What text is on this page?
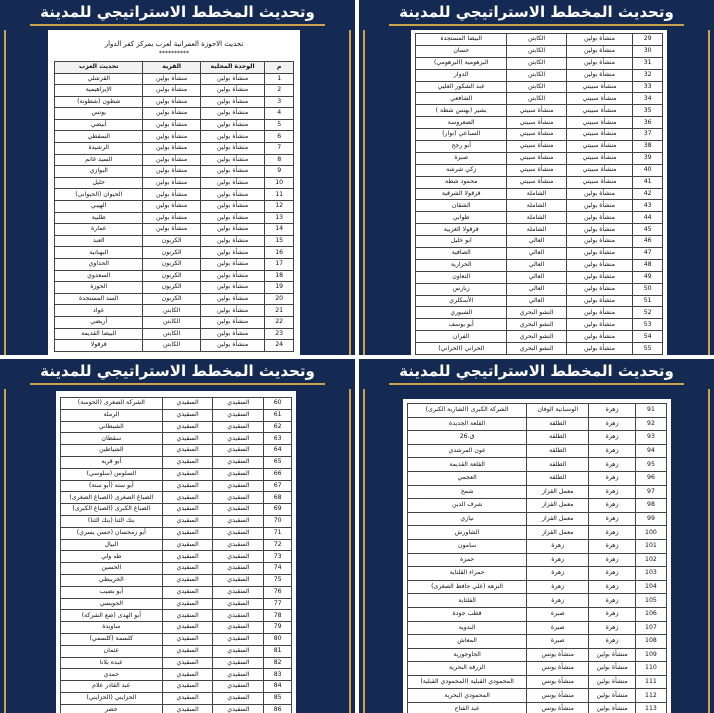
وتحديث المخطط الاستراتيجي للمدينة
تحديث الاحوزة العمرانية لعزب بمركز كفر الدوار
**********
م	الوحدة المحلية	القرية	تحديث العزب
1	منشأة بولين	منشأة بولين	القرشلي
2	منشأة بولين	منشأة بولين	الإبراهيمية
3	منشأة بولين	منشأة بولين	شطون (شطونة)
4	منشأة بولين	منشأة بولين	يونس
5	منشأة بولين	منشأة بولين	أبيضي
6	منشأة بولين	منشأة بولين	السقطي
7	منشأة بولين	منشأة بولين	الرشيدة
8	منشأة بولين	منشأة بولين	السيد غانم
9	منشأة بولين	منشأة بولين	البوازي
10	منشأة بولين	منشأة بولين	خليل
11	منشأة بولين	منشأة بولين	الحيوان (الحيوانى)
12	منشأة بولين	منشأة بولين	الهيبي
13	منشأة بولين	منشأة بولين	طلبية
14	منشأة بولين	منشأة بولين	عمارة
15	منشأة بولين	الكربون	العبد
16	منشأة بولين	الكربون	البهنانية
17	منشأة بولين	الكربون	الحداوي
18	منشأة بولين	الكربون	السعدوي
19	منشأة بولين	الكربون	الحوزة
20	منشأة بولين	الكربون	السد المستجدة
21	منشأة بولين	الكابتن	عواد
22	منشأة بولين	الكابتن	أريضي
23	منشأة بولين	الكابتن	البيضا القديمة
24	منشأة بولين	الكابتن	قرقولا
وتحديث المخطط الاستراتيجي للمدينة
29	منشأة بولين	الكابتن	البيضا المستجدة
30	منشأة بولين	الكابتن	حسان
31	منشأة بولين	الكابتن	البرهومية (البرهومي)
32	منشأة بولين	الكابتن	الدوار
33	منشأة سبيتي	الكابتن	عبد الشكور العليي
34	منشأة سبيتي	الكابتن	الشافعي
35	منشأة سبيتي	منشأة سبيتي	بشير (بهنس شطة )
36	منشأة سبيتي	منشأة سبيتي	الصعروسة
37	منشأة سبيتي	منشأة سبيتي	السباعي (نوار)
38	منشأة سبيتي	منشأة سبيتي	أبو رجح
39	منشأة سبيتي	منشأة سبيتي	صبرة
40	منشأة سبيتي	منشأة سبيتي	زكي شرشة
41	منشأة سبيتي	منشأة سبيتي	محمود شطة
42	منشأة بولين	الشاملة	قرقولا الشرقية
43	منشأة بولين	الشاملة	الشقان
44	منشأة بولين	الشاملة	طوابي
45	منشأة بولين	الشاملة	قرقولا الغربية
46	منشأة بولين	العالي	ابو خليل
47	منشأة بولين	العالي	الصافية
48	منشأة بولين	العالي	الحرارية
49	منشأة بولين	العالي	التعاون
50	منشأة بولين	العالي	زبارس
51	منشأة بولين	العالي	الأسكلري
52	منشأة بولين	النشو البحري	الشبوري
53	منشأة بولين	النشو البحري	أبو يوسف
54	منشأة بولين	النشو البحري	الفران
55	منشأة بولين	النشو البحري	الحراني (الحراني)
وتحديث المخطط الاستراتيجي للمدينة
60	السقيدي	السقيدي	الشركة الصغرى (الحوسة)
61	السقيدي	السقيدي	الرملة
62	السقيدي	السقيدي	الشيطاني
63	السقيدي	السقيدي	سقطان
64	السقيدي	السقيدي	الشياطين
65	السقيدي	السقيدي	أبو قرية
66	السقيدي	السقيدي	السلوس (سلوسي)
67	السقيدي	السقيدي	أبو سته (أبو ستة)
68	السقيدي	السقيدي	الصباغ الصغرى (الصباغ الصغرى)
69	السقيدي	السقيدي	الصباغ الكبرى (الصباغ الكبرى)
70	السقيدي	السقيدي	بنك الثنا (بنك الثنا)
71	السقيدي	السقيدي	أبو زمحسان (حسن يسري)
72	السقيدي	السقيدي	البيال
73	السقيدي	السقيدي	طه ولي
74	السقيدي	السقيدي	الحسين
75	السقيدي	السقيدي	الخريبطي
76	السقيدي	السقيدي	أبو نصيب
77	السقيدي	السقيدي	الجويسي
78	السقيدي	السقيدي	أبو الهدى (ضع الشركة)
79	السقيدي	السقيدي	ساويدة
80	السقيدي	السقيدي	كلسمة (كلسمي)
81	السقيدي	السقيدي	عثمان
82	السقيدي	السقيدي	عبده بلانا
83	السقيدي	السقيدي	حمدي
84	السقيدي	السقيدي	عبد القادر علام
85	السقيدي	السقيدي	الحزايني (الحزايني)
86	السقيدي	السقيدي	خضر
وتحديث المخطط الاستراتيجي للمدينة
91	زهرة	الوسبانية الوفان	الشركة الكبرى (الشاربة الكبرى)
92	زهرة	الطلقة	القلعة الجديدة
93	زهرة	الطلقة	ق.26
94	زهرة	الطلقة	عون المرشدي
95	زهرة	الطلقة	القلعة القديمة
96	زهرة	الطلقة	العجمي
97	زهرة	معمل القزاز	شمخ
98	زهرة	معمل القزاز	شرف الدين
99	زهرة	معمل القزاز	نيازي
100	زهرة	معمل القزاز	الشاورش
101	زهرة	زهرة	سامون
102	زهرة	زهرة	حمزة
103	زهرة	زهرة	حمراء القلتاية
104	زهرة	زهرة	النزهة (علي حافظ الصغرى)
105	زهرة	زهرة	القلتاية
106	زهرة	صبرة	قطب جودة
107	زهرة	صبرة	البدوية
108	زهرة	صبرة	المعاش
109	منشأة بولين	منشأة يونس	الجاوجورية
110	منشأة بولين	منشأة يونس	الزرقة البحرية
111	منشأة بولين	منشأة يونس	المحمودي القبلية (المحمودي القبلية)
112	منشأة بولين	منشأة يونس	المحمودي البحرية
113	منشأة بولين	منشأة يونس	عبد الفتاح
